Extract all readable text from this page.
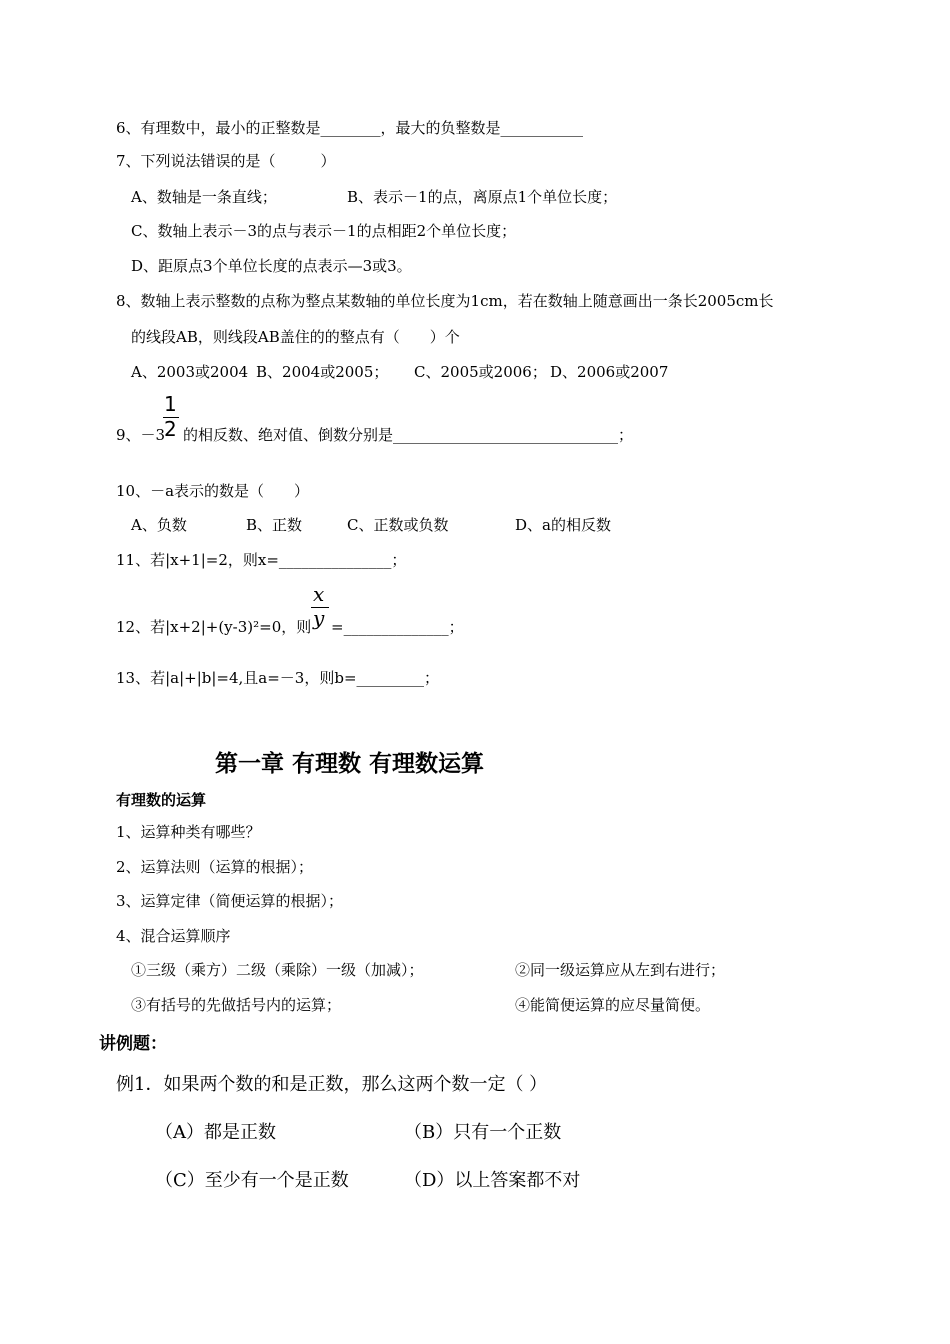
6、有理数中，最小的正整数是________，最大的负整数是___________
7、下列说法错误的是（　　　）
A、数轴是一条直线；	B、表示－1的点，离原点1个单位长度；
C、数轴上表示－3的点与表示－1的点相距2个单位长度；
D、距原点3个单位长度的点表示—3或3。
8、数轴上表示整数的点称为整点某数轴的单位长度为1cm，若在数轴上随意画出一条长2005cm长
的线段AB，则线段AB盖住的的整点有（　　）个
A、2003或2004 B、2004或2005； C、2005或2006； D、2006或2007
9、－3
1
2 的相反数、绝对值、倒数分别是______________________________；
10、－a表示的数是（　　）
A、负数	B、正数	C、正数或负数	D、a的相反数
11、若|x+1|=2，则x=_______________；
12、若|x+2|+(y-3)²=0，则
x
y =______________；
13、若|a|+|b|=4,且a=－3，则b=_________；
第一章 有理数 有理数运算
有理数的运算
1、运算种类有哪些？
2、运算法则（运算的根据）；
3、运算定律（简便运算的根据）；
4、混合运算顺序
①三级（乘方）二级（乘除）一级（加减）；	②同一级运算应从左到右进行；
③有括号的先做括号内的运算；	④能简便运算的应尽量简便。
讲例题：
例1．如果两个数的和是正数，那么这两个数一定（ ）
（A）都是正数	（B）只有一个正数
（C）至少有一个是正数	（D）以上答案都不对
